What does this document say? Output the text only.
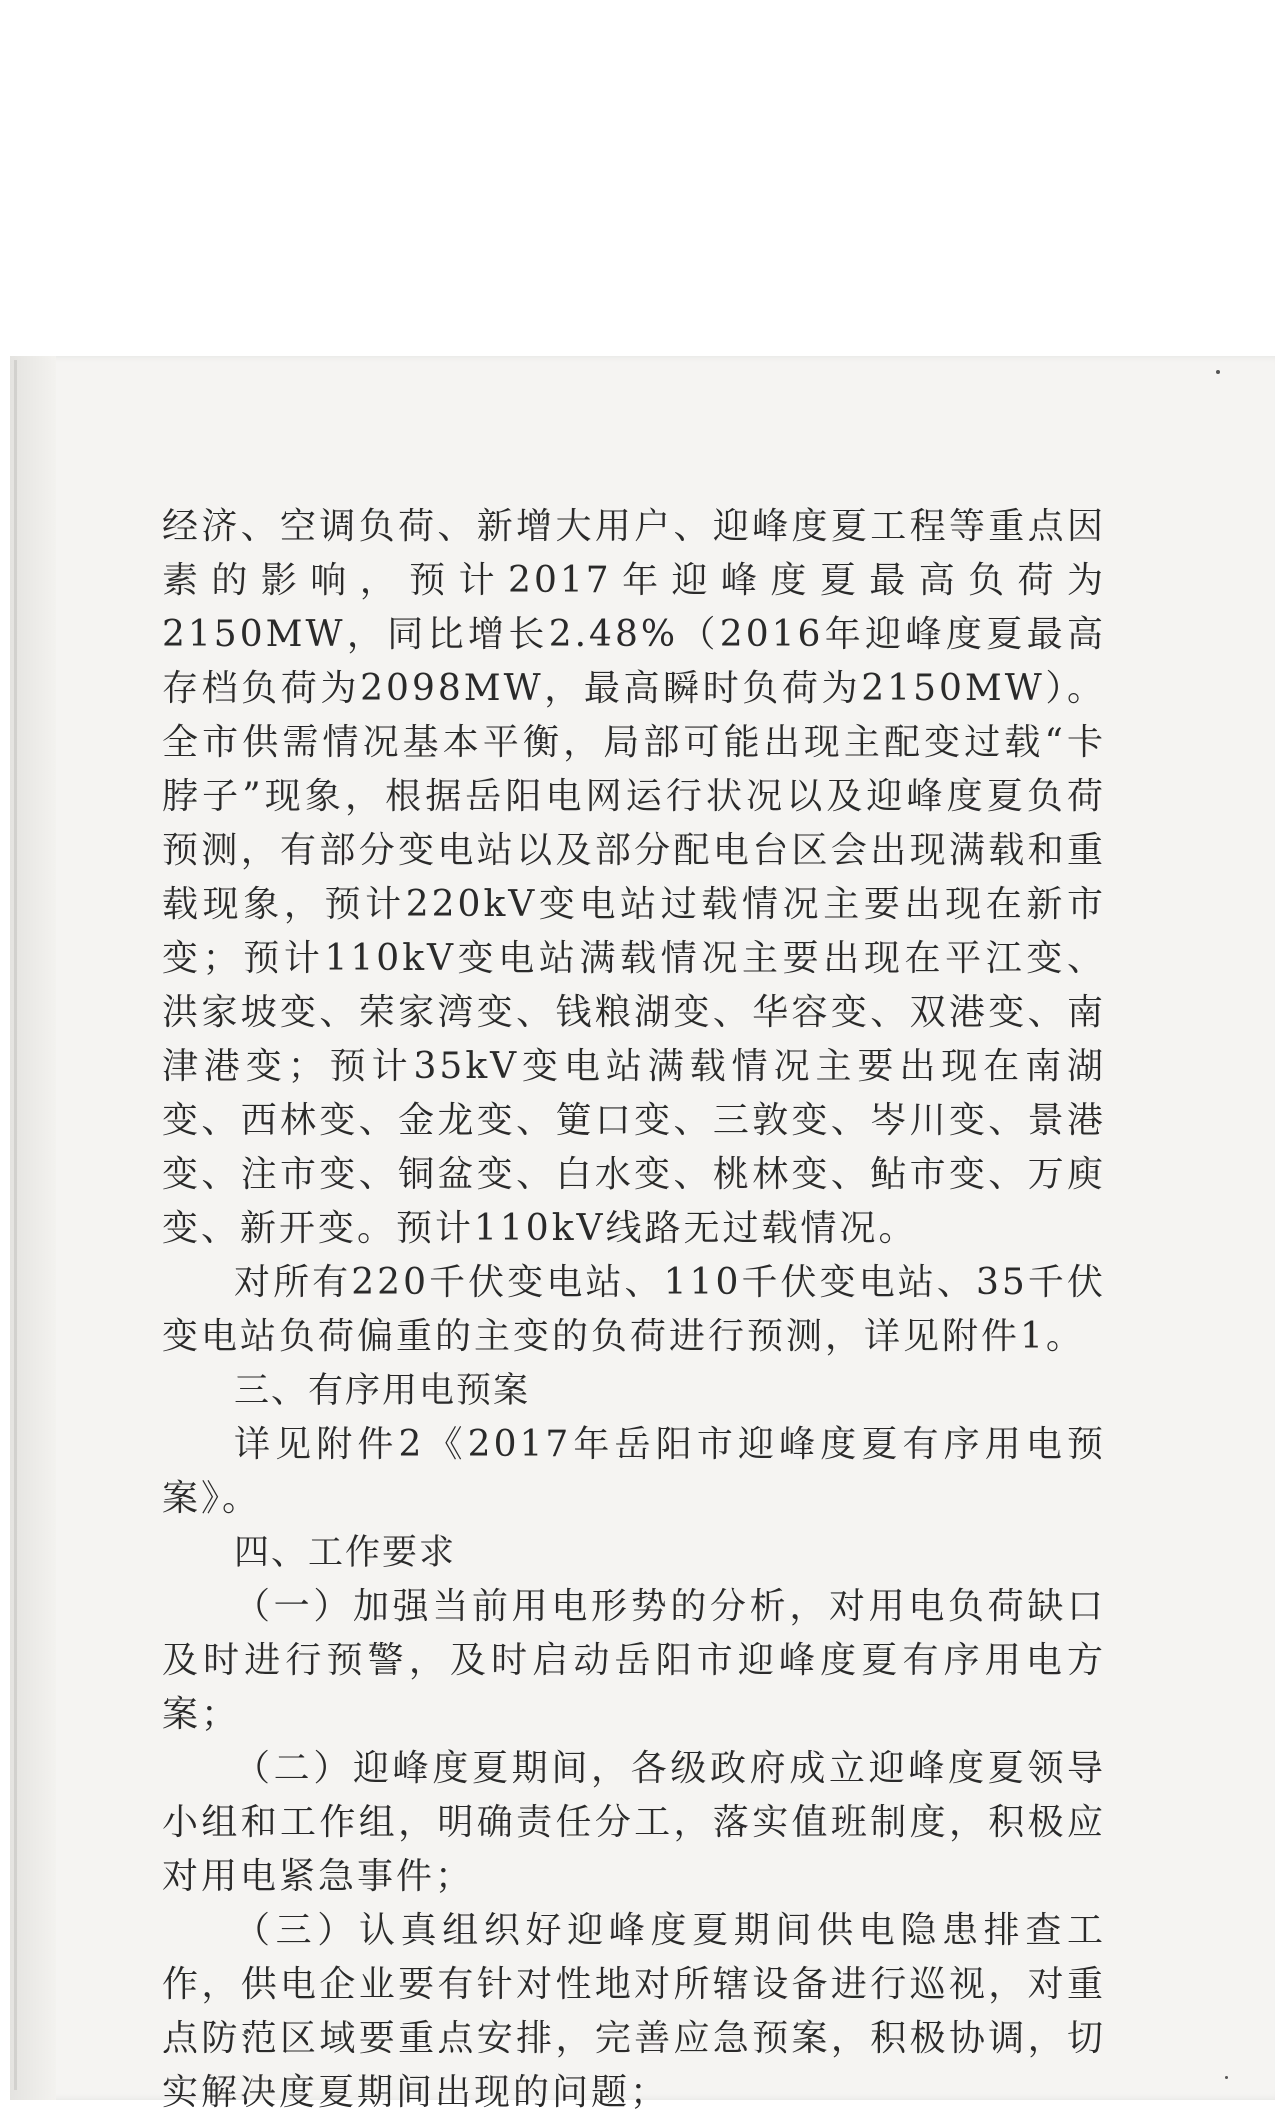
经济、空调负荷、新增大用户、迎峰度夏工程等重点因素的影响，预计2017年迎峰度夏最高负荷为2150MW，同比增长2.48%（2016年迎峰度夏最高存档负荷为2098MW，最高瞬时负荷为2150MW）。全市供需情况基本平衡，局部可能出现主配变过载“卡脖子”现象，根据岳阳电网运行状况以及迎峰度夏负荷预测，有部分变电站以及部分配电台区会出现满载和重载现象，预计220kV变电站过载情况主要出现在新市变；预计110kV变电站满载情况主要出现在平江变、洪家坡变、荣家湾变、钱粮湖变、华容变、双港变、南津港变；预计35kV变电站满载情况主要出现在南湖变、西林变、金龙变、筻口变、三敦变、岑川变、景港变、注市变、铜盆变、白水变、桃林变、鲇市变、万庾变、新开变。预计110kV线路无过载情况。

对所有220千伏变电站、110千伏变电站、35千伏变电站负荷偏重的主变的负荷进行预测，详见附件1。

三、有序用电预案

详见附件2《2017年岳阳市迎峰度夏有序用电预案》。

四、工作要求

（一）加强当前用电形势的分析，对用电负荷缺口及时进行预警，及时启动岳阳市迎峰度夏有序用电方案；

（二）迎峰度夏期间，各级政府成立迎峰度夏领导小组和工作组，明确责任分工，落实值班制度，积极应对用电紧急事件；

（三）认真组织好迎峰度夏期间供电隐患排查工作，供电企业要有针对性地对所辖设备进行巡视，对重点防范区域要重点安排，完善应急预案，积极协调，切实解决度夏期间出现的问题；
